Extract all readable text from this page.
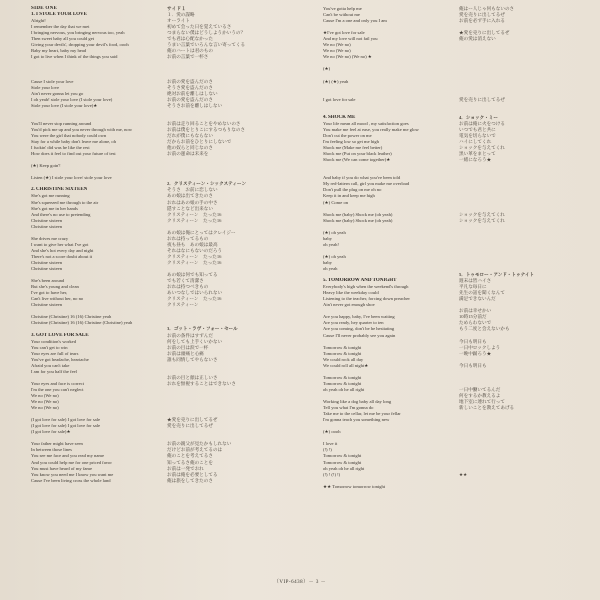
SIDE ONE
1. I STOLE YOUR LOVE
Alright!
I remember the day that we met
I bringing nervous, you bringing nervous too, yeah
Then sweet baby all you could get
Giving your devils', dropping your devil's food, oooh
Baby my heart, baby my head
I got to live when I think of the things you said
Cause I stole your love
Stole your love
Ain't never gonna let you go
I oh yeah! stole your love (I stole your love)
Stole your love (I stole your love)★
You'll never stop running around
You'd pick me up and you never through with me, now
You were the girl that nobody could own
Stay for a while baby don't leave me alone, oh
I fuckin' did was he like the rest
How does it feel to find out your future of test
(★) Keep goin'!
Listen (★) I stole your love/ stole your love
2. CHRISTINE SIXTEEN
She's got me running
She's squeezed me through to the air
She's got me in her hands
And there's no use to pretending
Christine sixteen
Christine sixteen
She drives me crazy
I want to give her what I've got
And she's hot every day and night
There's not a score doubt about it
Christine sixteen
Christine sixteen
She's been around
But she's young and clean
I've got to have her,
Can't live without her, no no
Christine sixteen
Christine (Christine) 16 (16) Christine yeah
Christine (Christine) 16 (16) Christine (Christine) yeah
3. GOT LOVE FOR SALE
Your condition's worked
You can't get to win
Your eyes are full of tears
You've got headache, heartache
Afraid you can't take
I am for you half the feel
Your eyes and face is correct
I'm the one you can't neglect
We no (We no)
We no (We no)
We no (We no)
(I got love for sale) I got love for sale
(I got love for sale) I got love for sale
(I got love for sale)★
Your father might have seen
In between those lines
You see me face and you read my name
And you could help me for one priced favor
You must have heard of my fame
You know you need me I know you want me
Cause I've been living cross the whole land
サイド１
１．愛の謀略
オーライト
初めて会った日を覚えているさ
つまらない僕はどうしようかいうの？
でも君は心配なかった
うまい言葉でいろんな言い寄ってくる
俺のハートは君のもの
お前の言葉で一杯さ
お前の愛を盗んだのさ
そうさ愛を盗んだのさ
絶対お前を離しはしない
お前の愛を盗んだのさ
そうさお前を離しはしない
お前は走り回ることをやめないのさ
お前は僕をとりこにするつもりなのさ
だれが僕にもならない
だからお前をひとりにしないで
他の奴らと同じなのさ
お前の運命は未来を
2．クリスティーン・シックスティーン
そうさ　お前に恋しない
あの娘は出てきたのさ
おれはあの娘の手の中さ
隠すことなど出来ない
クリスティーン　たった16
クリスティーン　たった16
あの娘は俺にとってはクレイジー
おれは持ってるもの
夜も昼も　あの娘は最高
それはなにもないのだろう
クリスティーン　たった16
クリスティーン　たった16
あの娘は何でも知ってる
でも若くて清潔さ
おれは持つべきもの
あいつなしではいられない
クリスティーン　たった16
クリスティーン
3．ゴット・ラヴ・フォー・セール
お前の条件はすずんだ
何をしても上手くいかない
お前の目は涙で一杯
お前は頭痛と心痛
誰も同情してやらないさ
お前の目と顔は正しいさ
おれを無視することはできないさ
★愛を売りに出してるぜ
愛を売りに出してるぜ
お前の親父が見たかもしれない
だけどお前が考えてるのは
俺のことを考えてるさ
知ってるさ俺のことを
お前は一発でおれ
お前は俺を必要としてる
俺は旅をしてきたのさ
You've gotta help me
Can't be without me
Cause I'm a one and only you I am
★I've got love for sale
And my love will not fail you
We no (We no)
We no (We no)
We no (We no) (We no) ★
(★)
(★) (★) yeah
I got love for sale
4. SHOCK ME
Your life mean all mood , my satisfaction goes
You make me feel at ease, you really make me glow
Don't cut the power on me
I'm feeling low so get me high
Shock me (Make me feel better)
Shock me (Put on your black leather)
Shock me (We can come together)★
And baby if you do what you've been told
My red-lattern call, girl you make me overload
Don't pull the plug on me oh no
Keep it in and keep me high
(★) Come on
Shock me (baby) Shock me (oh yeah)
Shock me (baby) Shock me (oh yeah)
(★) oh yeah
baby
oh yeah!
(★) oh yeah
baby
oh yeah
5. TOMORROW AND TONIGHT
Everybody's high when the weekend's through
Heavy like the weekday could
Listening to the teacher, forcing down preacher
Ain't never got enough shoe
Are you happy, baby, I've been waiting
Are you ready, hey quarter to ten
Are you coming, don't be he hesitating
Cause I'll never probably see you again
Tomorrow & tonight
Tomorrow & tonight
We could rock all day
We could roll all night★
Tomorrow & tonight
Tomorrow & tonight
oh yeah oh he all right
Working like a dog baby all day long
Tell you what I'm gonna do
Take me to the cellar, let me be your fellar
I'm gonna teach you something new
(★) oooh
I love it
(!) !)
Tomorrow & tonight
Tomorrow & tonight
oh yeah oh he all right
(!) ! (!) !)
★★ Tomorrow tomorrow tonight
俺はー人じゃ何もないのさ
愛を売りに出してるぜ
お前を必ず手に入れる
★愛を売りに出してるぜ
俺の愛は消えない
愛を売りに出してるぜ
4．ショック・ミー
お前は俺に火をつける
いつでも君と共に
電気を切らないで
ハイにしてくれ
ショックを与えてくれ
黒い革をまとって
一緒になろう★
ショックを与えてくれ
ショックを与えてくれ
5．トゥモロー・アンド・トゥナイト
週末は皆ハイさ
平凡な毎日に
先生の話を聞くなんて
満足できないんだ
お前は幸せかい
10時15分前だ
ためらわないで
もう二度と会えないかも
今日も明日も
一日中ロックしよう
一晩中踊ろう★
今日も明日も
一日中働いてるんだ
何をするか教えるよ
地下室に連れて行って
新しいことを教えてあげる
★★
（VIP-6438）－ 3 －
